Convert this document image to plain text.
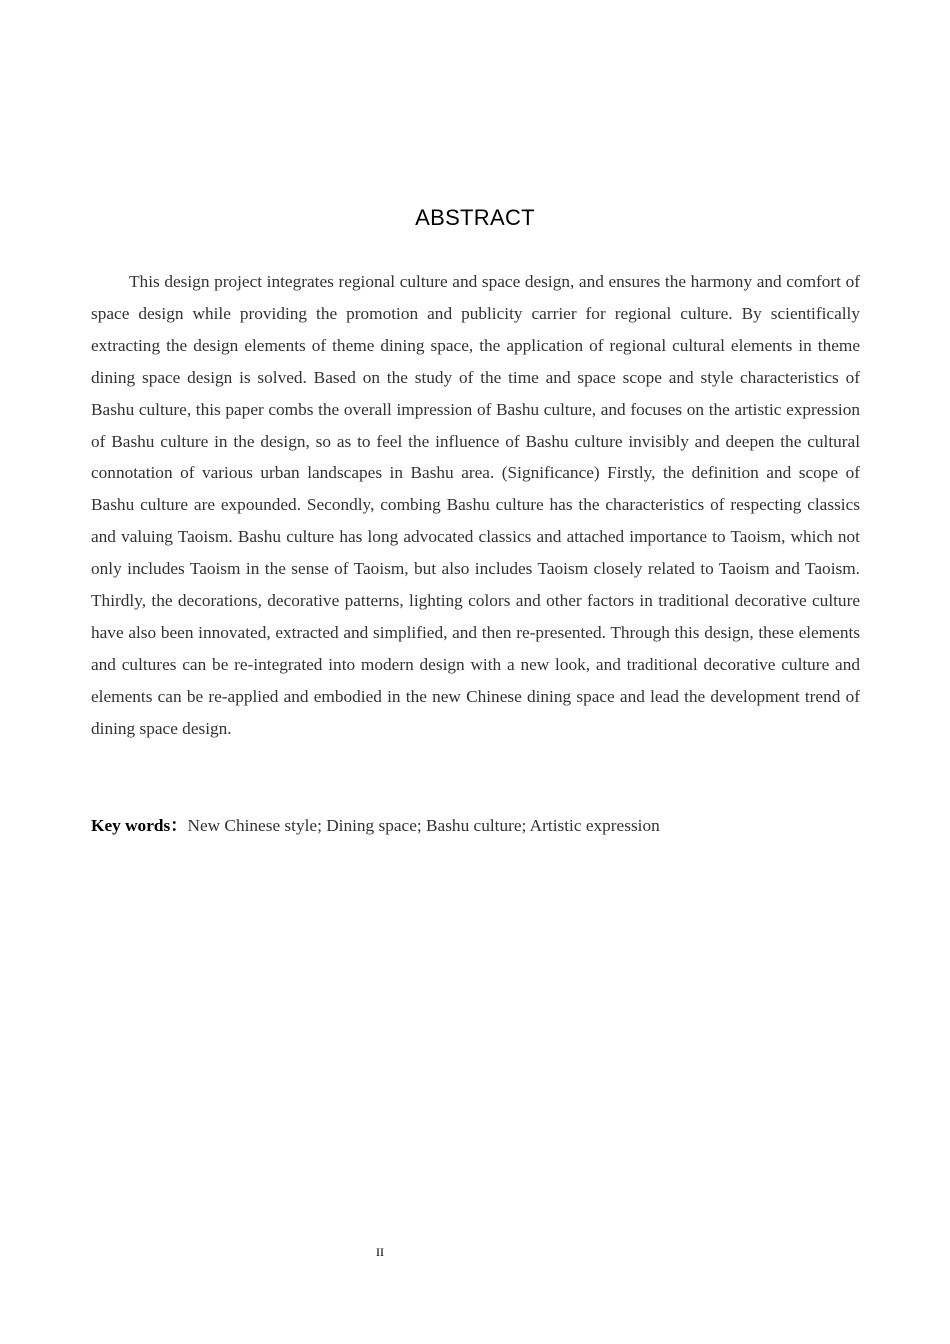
ABSTRACT

This design project integrates regional culture and space design, and ensures the harmony and comfort of space design while providing the promotion and publicity carrier for regional culture. By scientifically extracting the design elements of theme dining space, the application of regional cultural elements in theme dining space design is solved. Based on the study of the time and space scope and style characteristics of Bashu culture, this paper combs the overall impression of Bashu culture, and focuses on the artistic expression of Bashu culture in the design, so as to feel the influence of Bashu culture invisibly and deepen the cultural connotation of various urban landscapes in Bashu area. (Significance) Firstly, the definition and scope of Bashu culture are expounded. Secondly, combing Bashu culture has the characteristics of respecting classics and valuing Taoism. Bashu culture has long advocated classics and attached importance to Taoism, which not only includes Taoism in the sense of Taoism, but also includes Taoism closely related to Taoism and Taoism. Thirdly, the decorations, decorative patterns, lighting colors and other factors in traditional decorative culture have also been innovated, extracted and simplified, and then re-presented. Through this design, these elements and cultures can be re-integrated into modern design with a new look, and traditional decorative culture and elements can be re-applied and embodied in the new Chinese dining space and lead the development trend of dining space design.

Key words：New Chinese style; Dining space; Bashu culture; Artistic expression

II
